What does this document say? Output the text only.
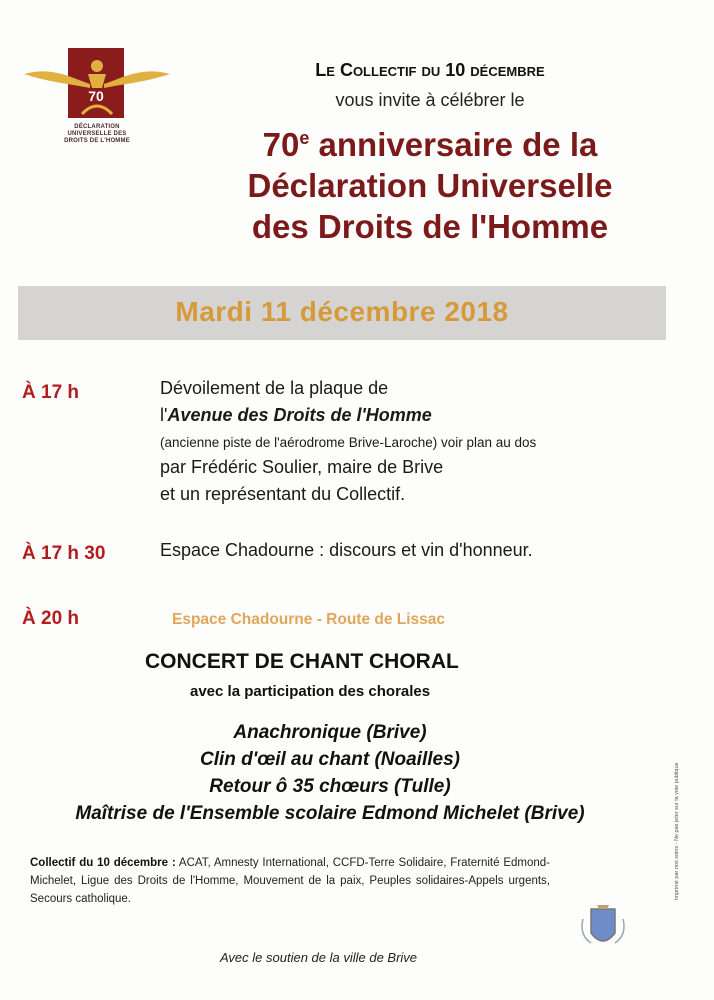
70
DÉCLARATION UNIVERSELLE DES DROITS DE L'HOMME
Le Collectif du 10 décembre
vous invite à célébrer le
70e anniversaire de la
Déclaration Universelle
des Droits de l'Homme
Mardi 11 décembre 2018
À 17 h	Dévoilement de la plaque de
l'Avenue des Droits de l'Homme
(ancienne piste de l'aérodrome Brive-Laroche) voir plan au dos
par Frédéric Soulier, maire de Brive
et un représentant du Collectif.
À 17 h 30	Espace Chadourne : discours et vin d'honneur.
À 20 h	Espace Chadourne - Route de Lissac
CONCERT DE CHANT CHORAL
avec la participation des chorales
Anachronique (Brive)
Clin d'œil au chant (Noailles)
Retour ô 35 chœurs (Tulle)
Maîtrise de l'Ensemble scolaire Edmond Michelet (Brive)
Collectif du 10 décembre : ACAT, Amnesty International, CCFD-Terre Solidaire, Fraternité Edmond-Michelet, Ligue des Droits de l'Homme, Mouvement de la paix, Peuples solidaires-Appels urgents, Secours catholique.
Avec le soutien de la ville de Brive
Imprimé par nos soins - Ne pas jeter sur la voie publique
